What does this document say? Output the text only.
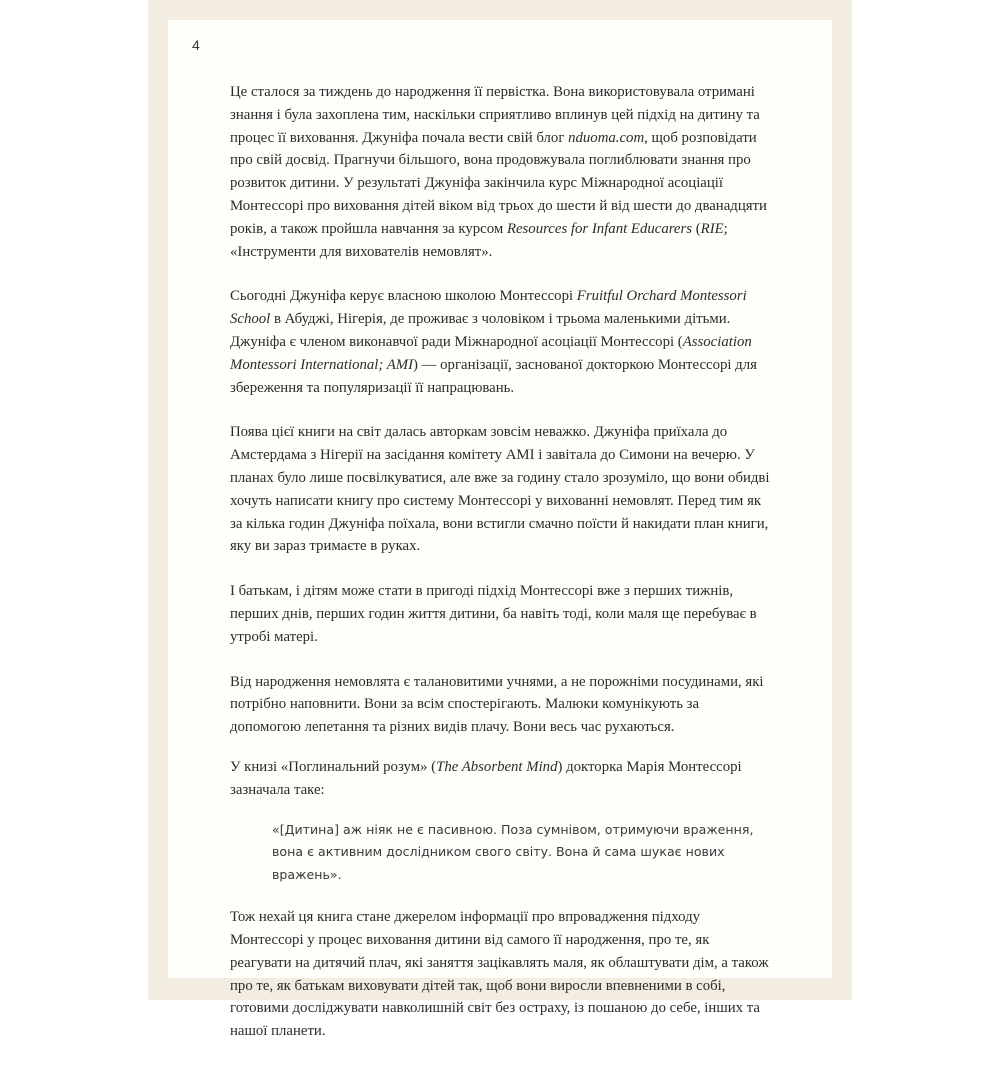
4

Це сталося за тиждень до народження її первістка. Вона використовувала отримані знання і була захоплена тим, наскільки сприятливо вплинув цей підхід на дитину та процес її виховання. Джуніфа почала вести свій блог nduoma.com, щоб розповідати про свій досвід. Прагнучи більшого, вона продовжувала поглиблювати знання про розвиток дитини. У результаті Джуніфа закінчила курс Міжнародної асоціації Монтессорі про виховання дітей віком від трьох до шести й від шести до дванадцяти років, а також пройшла навчання за курсом Resources for Infant Educarers (RIE; «Інструменти для вихователів немовлят».

Сьогодні Джуніфа керує власною школою Монтессорі Fruitful Orchard Montessori School в Абуджі, Нігерія, де проживає з чоловіком і трьома маленькими дітьми. Джуніфа є членом виконавчої ради Міжнародної асоціації Монтессорі (Association Montessori International; AMI) — організації, заснованої докторкою Монтессорі для збереження та популяризації її напрацювань.

Поява цієї книги на світ далась авторкам зовсім неважко. Джуніфа приїхала до Амстердама з Нігерії на засідання комітету AMI і завітала до Симони на вечерю. У планах було лише посвілкуватися, але вже за годину стало зрозуміло, що вони обидві хочуть написати книгу про систему Монтессорі у вихованні немовлят. Перед тим як за кілька годин Джуніфа поїхала, вони встигли смачно поїсти й накидати план книги, яку ви зараз тримаєте в руках.

І батькам, і дітям може стати в пригоді підхід Монтессорі вже з перших тижнів, перших днів, перших годин життя дитини, ба навіть тоді, коли маля ще перебуває в утробі матері.

Від народження немовлята є талановитими учнями, а не порожніми посудинами, які потрібно наповнити. Вони за всім спостерігають. Малюки комунікують за допомогою лепетання та різних видів плачу. Вони весь час рухаються.

У книзі «Поглинальний розум» (The Absorbent Mind) докторка Марія Монтессорі зазначала таке:

«[Дитина] аж ніяк не є пасивною. Поза сумнівом, отримуючи враження, вона є активним дослідником свого світу. Вона й сама шукає нових вражень».

Тож нехай ця книга стане джерелом інформації про впровадження підходу Монтессорі у процес виховання дитини від самого її народження, про те, як реагувати на дитячий плач, які заняття зацікавлять маля, як облаштувати дім, а також про те, як батькам виховувати дітей так, щоб вони виросли впевненими в собі, готовими досліджувати навколишній світ без остраху, із пошаною до себе, інших та нашої планети.
